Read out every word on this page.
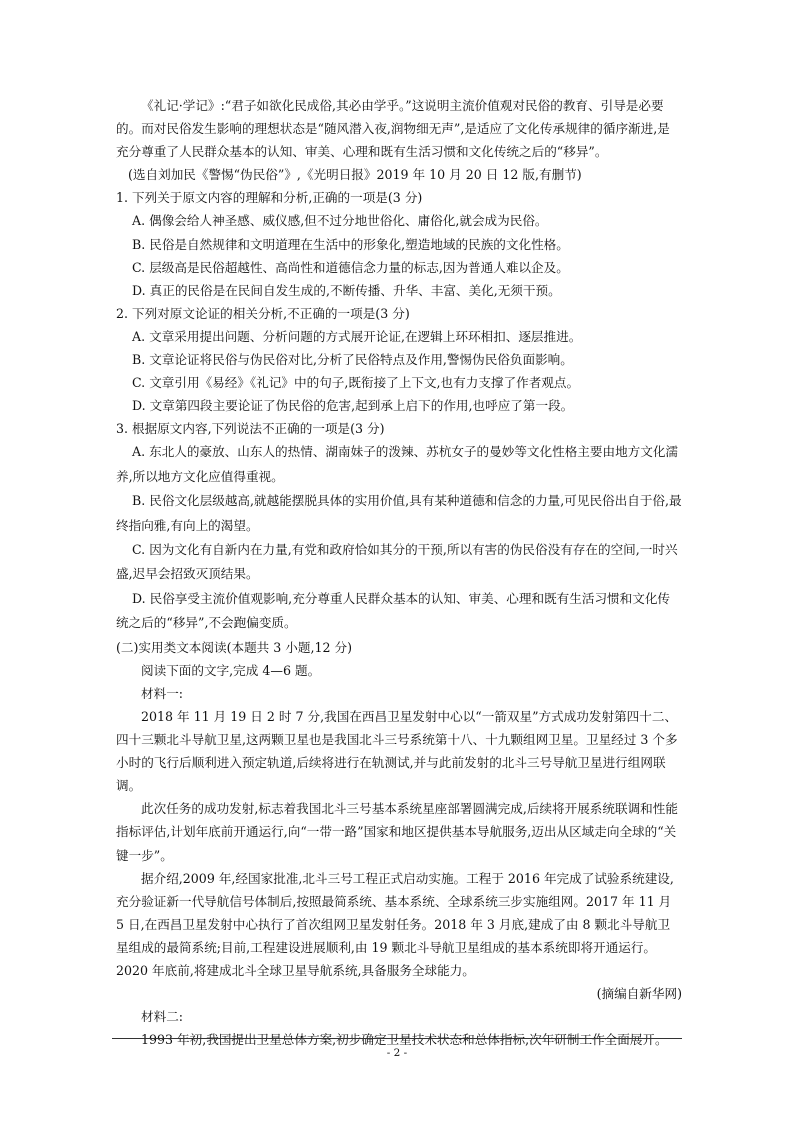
《礼记·学记》:“君子如欲化民成俗,其必由学乎。”这说明主流价值观对民俗的教育、引导是必要的。而对民俗发生影响的理想状态是“随风潜入夜,润物细无声”,是适应了文化传承规律的循序渐进,是充分尊重了人民群众基本的认知、审美、心理和既有生活习惯和文化传统之后的“移异”。

(选自刘加民《警惕“伪民俗”》,《光明日报》2019 年 10 月 20 日 12 版,有删节)

1. 下列关于原文内容的理解和分析,正确的一项是(3 分)

A. 偶像会给人神圣感、威仪感,但不过分地世俗化、庸俗化,就会成为民俗。

B. 民俗是自然规律和文明道理在生活中的形象化,塑造地域的民族的文化性格。

C. 层级高是民俗超越性、高尚性和道德信念力量的标志,因为普通人难以企及。

D. 真正的民俗是在民间自发生成的,不断传播、升华、丰富、美化,无须干预。

2. 下列对原文论证的相关分析,不正确的一项是(3 分)

A. 文章采用提出问题、分析问题的方式展开论证,在逻辑上环环相扣、逐层推进。

B. 文章论证将民俗与伪民俗对比,分析了民俗特点及作用,警惕伪民俗负面影响。

C. 文章引用《易经》《礼记》中的句子,既衔接了上下文,也有力支撑了作者观点。

D. 文章第四段主要论证了伪民俗的危害,起到承上启下的作用,也呼应了第一段。

3. 根据原文内容,下列说法不正确的一项是(3 分)

A. 东北人的豪放、山东人的热情、湖南妹子的泼辣、苏杭女子的曼妙等文化性格主要由地方文化濡养,所以地方文化应值得重视。

B. 民俗文化层级越高,就越能摆脱具体的实用价值,具有某种道德和信念的力量,可见民俗出自于俗,最终指向雅,有向上的渴望。

C. 因为文化有自新内在力量,有党和政府恰如其分的干预,所以有害的伪民俗没有存在的空间,一时兴盛,迟早会招致灭顶结果。

D. 民俗享受主流价值观影响,充分尊重人民群众基本的认知、审美、心理和既有生活习惯和文化传统之后的“移异”,不会跑偏变质。

(二)实用类文本阅读(本题共 3 小题,12 分)

阅读下面的文字,完成 4—6 题。

材料一:

2018 年 11 月 19 日 2 时 7 分,我国在西昌卫星发射中心以“一箭双星”方式成功发射第四十二、四十三颗北斗导航卫星,这两颗卫星也是我国北斗三号系统第十八、十九颗组网卫星。卫星经过 3 个多小时的飞行后顺利进入预定轨道,后续将进行在轨测试,并与此前发射的北斗三号导航卫星进行组网联调。

此次任务的成功发射,标志着我国北斗三号基本系统星座部署圆满完成,后续将开展系统联调和性能指标评估,计划年底前开通运行,向“一带一路”国家和地区提供基本导航服务,迈出从区域走向全球的“关键一步”。

据介绍,2009 年,经国家批准,北斗三号工程正式启动实施。工程于 2016 年完成了试验系统建设,充分验证新一代导航信号体制后,按照最简系统、基本系统、全球系统三步实施组网。2017 年 11 月 5 日,在西昌卫星发射中心执行了首次组网卫星发射任务。2018 年 3 月底,建成了由 8 颗北斗导航卫星组成的最简系统;目前,工程建设进展顺利,由 19 颗北斗导航卫星组成的基本系统即将开通运行。2020 年底前,将建成北斗全球卫星导航系统,具备服务全球能力。

(摘编自新华网)

材料二:

1993 年初,我国提出卫星总体方案,初步确定卫星技术状态和总体指标,次年研制工作全面展开。

- 2 -
